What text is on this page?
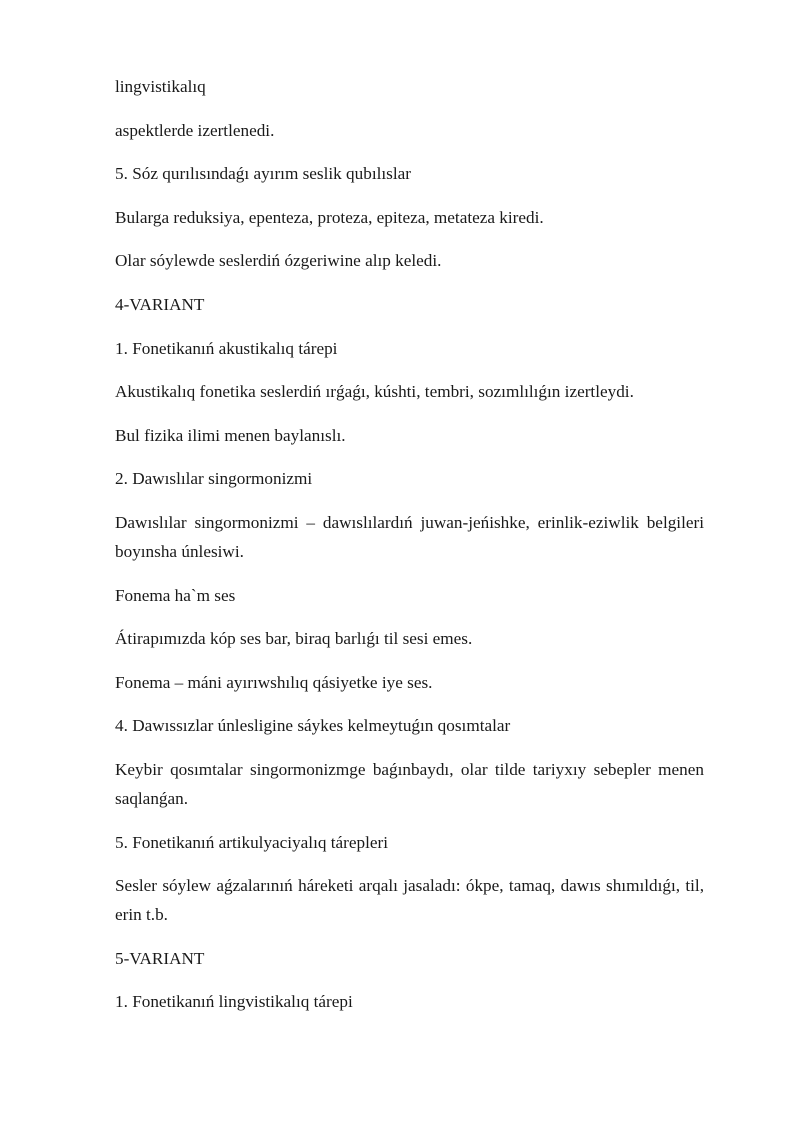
lingvistikalıq

aspektlerde izertlenedi.

5. Sóz qurılısındaǵı ayırım seslik qubılıslar

Bularga reduksiya, epenteza, proteza, epiteza, metateza kiredi.

Olar sóylewde seslerdiń ózgeriwine alıp keledi.

4-VARIANT

1. Fonetikanıń akustikalıq tárepi

Akustikalıq fonetika seslerdiń ırǵaǵı, kúshti, tembri, sozımlılıǵın izertleydi.

Bul fizika ilimi menen baylanıslı.

2. Dawıslılar singormonizmi

Dawıslılar singormonizmi – dawıslılardıń juwan-jeńishke, erinlik-eziwlik belgileri boyınsha únlesiwi.

Fonema ha`m ses

Átirapımızda kóp ses bar, biraq barlıǵı til sesi emes.

Fonema – máni ayırıwshılıq qásiyetke iye ses.

4. Dawıssızlar únlesligine sáykes kelmeytuǵın qosımtalar

Keybir qosımtalar singormonizmge baǵınbaydı, olar tilde tariyxıy sebepler menen saqlanǵan.

5. Fonetikanıń artikulyaciyalıq tárepleri

Sesler sóylew aǵzalarınıń háreketi arqalı jasaladı: ókpe, tamaq, dawıs shımıldıǵı, til, erin t.b.

5-VARIANT

1. Fonetikanıń lingvistikalıq tárepi
